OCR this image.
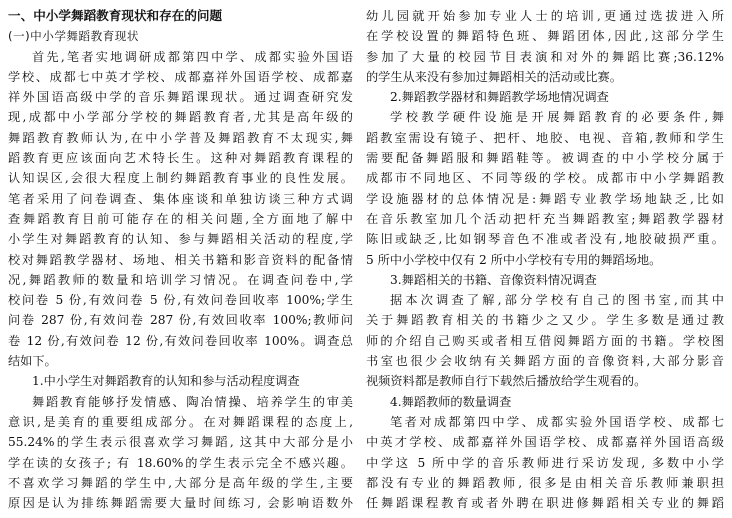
一、中小学舞蹈教育现状和存在的问题
(一)中小学舞蹈教育现状
首先,笔者实地调研成都第四中学、成都实验外国语
学校、成都七中英才学校、成都嘉祥外国语学校、成都嘉
祥外国语高级中学的音乐舞蹈课现状。通过调查研究发
现,成都中小学部分学校的舞蹈教育者,尤其是高年级的
舞蹈教育教师认为,在中小学普及舞蹈教育不太现实,舞
蹈教育更应该面向艺术特长生。这种对舞蹈教育课程的
认知误区,会很大程度上制约舞蹈教育事业的良性发展。
笔者采用了问卷调查、集体座谈和单独访谈三种方式调
查舞蹈教育目前可能存在的相关问题,全方面地了解中
小学生对舞蹈教育的认知、参与舞蹈相关活动的程度,学
校对舞蹈教学器材、场地、相关书籍和影音资料的配备情
况,舞蹈教师的数量和培训学习情况。在调查问卷中,学
校问卷 5 份,有效问卷 5 份,有效问卷回收率 100%;学生
问卷 287 份,有效问卷 287 份,有效回收率 100%;教师问
卷 12 份,有效问卷 12 份,有效问卷回收率 100%。调查总
结如下。
1.中小学生对舞蹈教育的认知和参与活动程度调查
舞蹈教育能够抒发情感、陶冶情操、培养学生的审美
意识,是美育的重要组成部分。在对舞蹈课程的态度上,
55.24%的学生表示很喜欢学习舞蹈, 这其中大部分是小
学在读的女孩子; 有 18.60%的学生表示完全不感兴趣。
不喜欢学习舞蹈的学生中,大部分是高年级的学生,主要
原因是认为排练舞蹈需要大量时间练习, 会影响语数外
幼儿园就开始参加专业人士的培训,更通过选拔进入所
在学校设置的舞蹈特色班、舞蹈团体,因此,这部分学生
参加了大量的校园节目表演和对外的舞蹈比赛;36.12%
的学生从来没有参加过舞蹈相关的活动或比赛。
2.舞蹈教学器材和舞蹈教学场地情况调查
学校教学硬件设施是开展舞蹈教育的必要条件,舞
蹈教室需设有镜子、把杆、地胶、电视、音箱,教师和学生
需要配备舞蹈服和舞蹈鞋等。被调查的中小学校分属于
成都市不同地区、不同等级的学校。成都市中小学舞蹈教
学设施器材的总体情况是:舞蹈专业教学场地缺乏,比如
在音乐教室加几个活动把杆充当舞蹈教室;舞蹈教学器材
陈旧或缺乏,比如钢琴音色不准或者没有,地胶破损严重。
5 所中小学校中仅有 2 所中小学校有专用的舞蹈场地。
3.舞蹈相关的书籍、音像资料情况调查
据本次调查了解,部分学校有自己的图书室,而其中
关于舞蹈教育相关的书籍少之又少。学生多数是通过教
师的介绍自己购买或者相互借阅舞蹈方面的书籍。学校图
书室也很少会收纳有关舞蹈方面的音像资料,大部分影音
视频资料都是教师自行下载然后播放给学生观看的。
4.舞蹈教师的数量调查
笔者对成都第四中学、成都实验外国语学校、成都七
中英才学校、成都嘉祥外国语学校、成都嘉祥外国语高级
中学这 5 所中学的音乐教师进行采访发现, 多数中小学
都没有专业的舞蹈教师, 很多是由相关音乐教师兼职担
任舞蹈课程教育或者外聘在职进修舞蹈相关专业的舞蹈
